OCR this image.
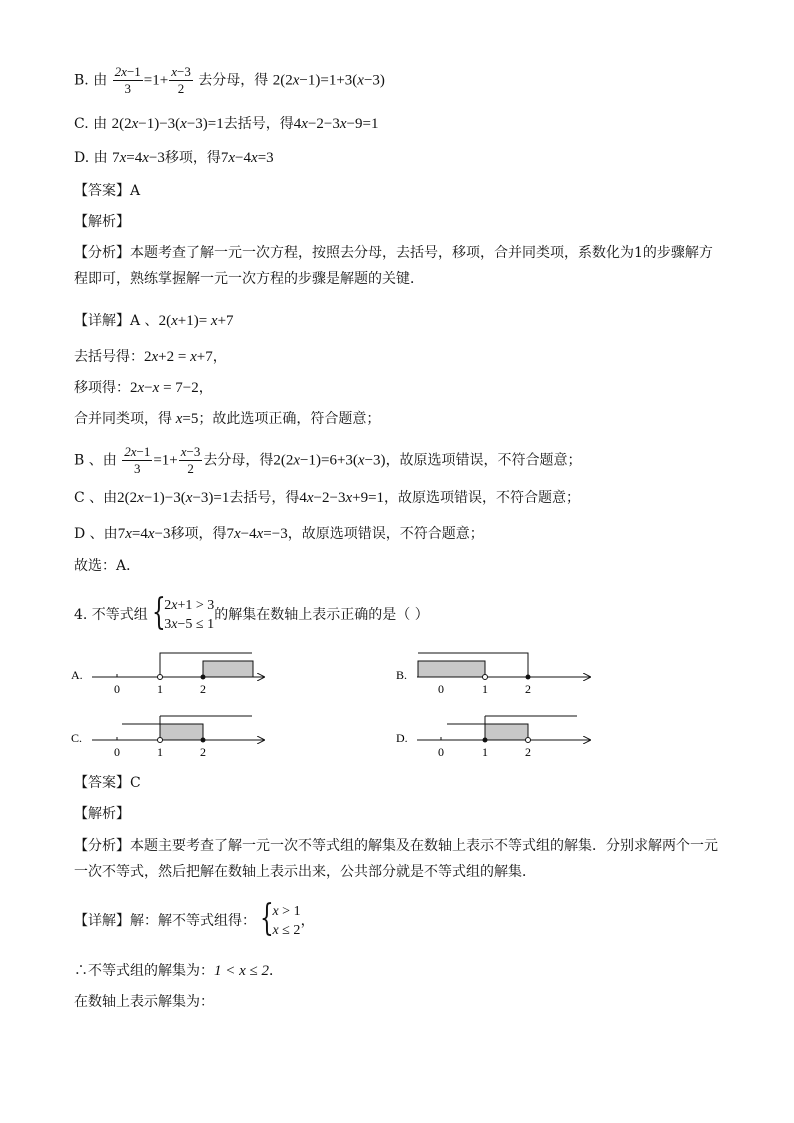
B. 由 $\frac{2x-1}{3} =1+ \frac{x-3}{2}$ 去分母，得 2(2x−1)=1+3(x−3)
C. 由 2(2x−1)−3(x−3)=1去括号，得4x−2−3x−9=1
D. 由 7x=4x−3移项，得7x−4x=3
【答案】A
【解析】
【分析】本题考查了解一元一次方程，按照去分母，去括号，移项，合并同类项，系数化为1的步骤解方程即可，熟练掌握解一元一次方程的步骤是解题的关键．
【详解】A 、2(x+1)= x+7
去括号得：2x+2 = x+7，
移项得：2x−x = 7−2，
合并同类项，得 x=5；故此选项正确，符合题意；
B 、由 $\frac{2x-1}{3} =1+ \frac{x-3}{2}$ 去分母，得2(2x−1)=6+3(x−3)，故原选项错误，不符合题意；
C 、由2(2x−1)−3(x−3)=1去括号，得4x−2−3x+9=1，故原选项错误，不符合题意；
D 、由7x=4x−3移项，得7x−4x=−3，故原选项错误，不符合题意；
故选：A．
4. 不等式组 {
2x+1 > 3
3x−5 ≤ 1
的解集在数轴上表示正确的是（ ）
A.
0	1	2
B.
0	1	2
C.
0	1	2
D.
0	1	2
【答案】C
【解析】
【分析】本题主要考查了解一元一次不等式组的解集及在数轴上表示不等式组的解集．分别求解两个一元一次不等式，然后把解在数轴上表示出来，公共部分就是不等式组的解集．
【详解】解：解不等式组得： {
x > 1
x ≤ 2
，
∴不等式组的解集为：1 < x ≤ 2．
在数轴上表示解集为：
